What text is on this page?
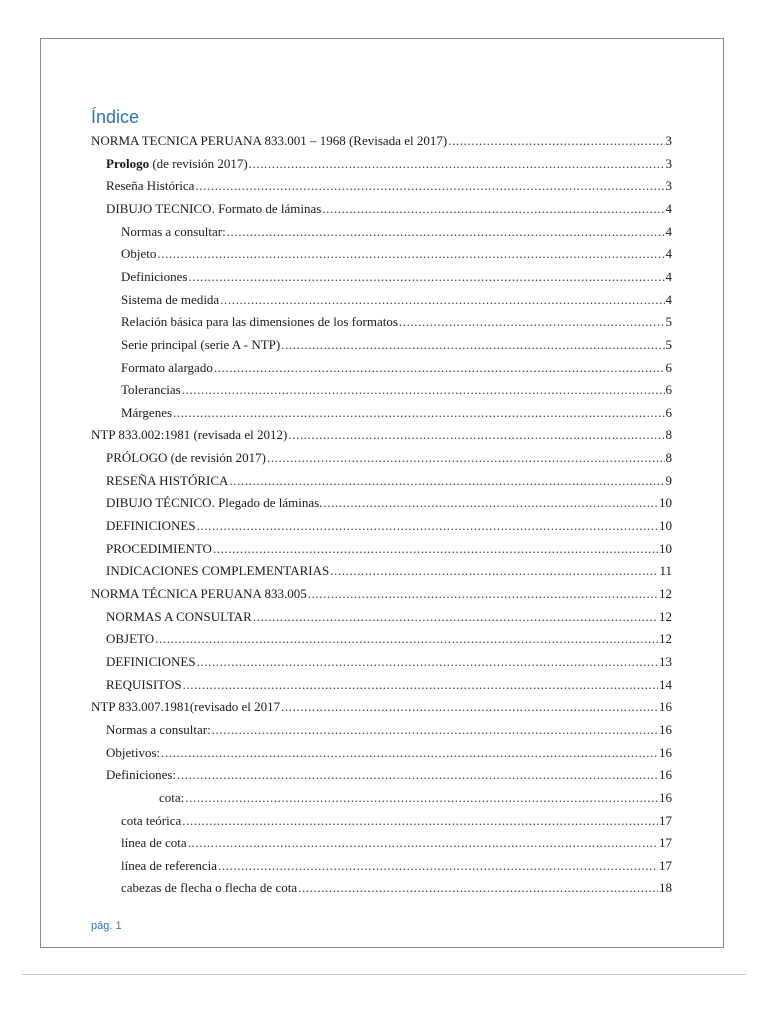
Índice
NORMA TECNICA PERUANA 833.001 – 1968 (Revisada el 2017) .....	3
Prologo (de revisión 2017) .....	3
Reseña Histórica .....	3
DIBUJO TECNICO. Formato de láminas .....	4
Normas a consultar: .....	4
Objeto .....	4
Definiciones .....	4
Sistema de medida .....	4
Relación básica para las dimensiones de los formatos .....	5
Serie principal (serie A - NTP) .....	5
Formato alargado .....	6
Tolerancias .....	6
Márgenes .....	6
NTP 833.002:1981 (revisada el 2012) .....	8
PRÓLOGO (de revisión 2017) .....	8
RESEÑA HISTÓRICA .....	9
DIBUJO TÉCNICO. Plegado de láminas. .....	10
DEFINICIONES .....	10
PROCEDIMIENTO .....	10
INDICACIONES COMPLEMENTARIAS .....	11
NORMA TÉCNICA PERUANA 833.005 .....	12
NORMAS A CONSULTAR .....	12
OBJETO .....	12
DEFINICIONES .....	13
REQUISITOS .....	14
NTP 833.007.1981(revisado el 2017 .....	16
Normas a consultar: .....	16
Objetivos: .....	16
Definiciones: .....	16
cota: .....	16
cota teórica .....	17
línea de cota .....	17
línea de referencia .....	17
cabezas de flecha o flecha de cota .....	18
pág. 1
